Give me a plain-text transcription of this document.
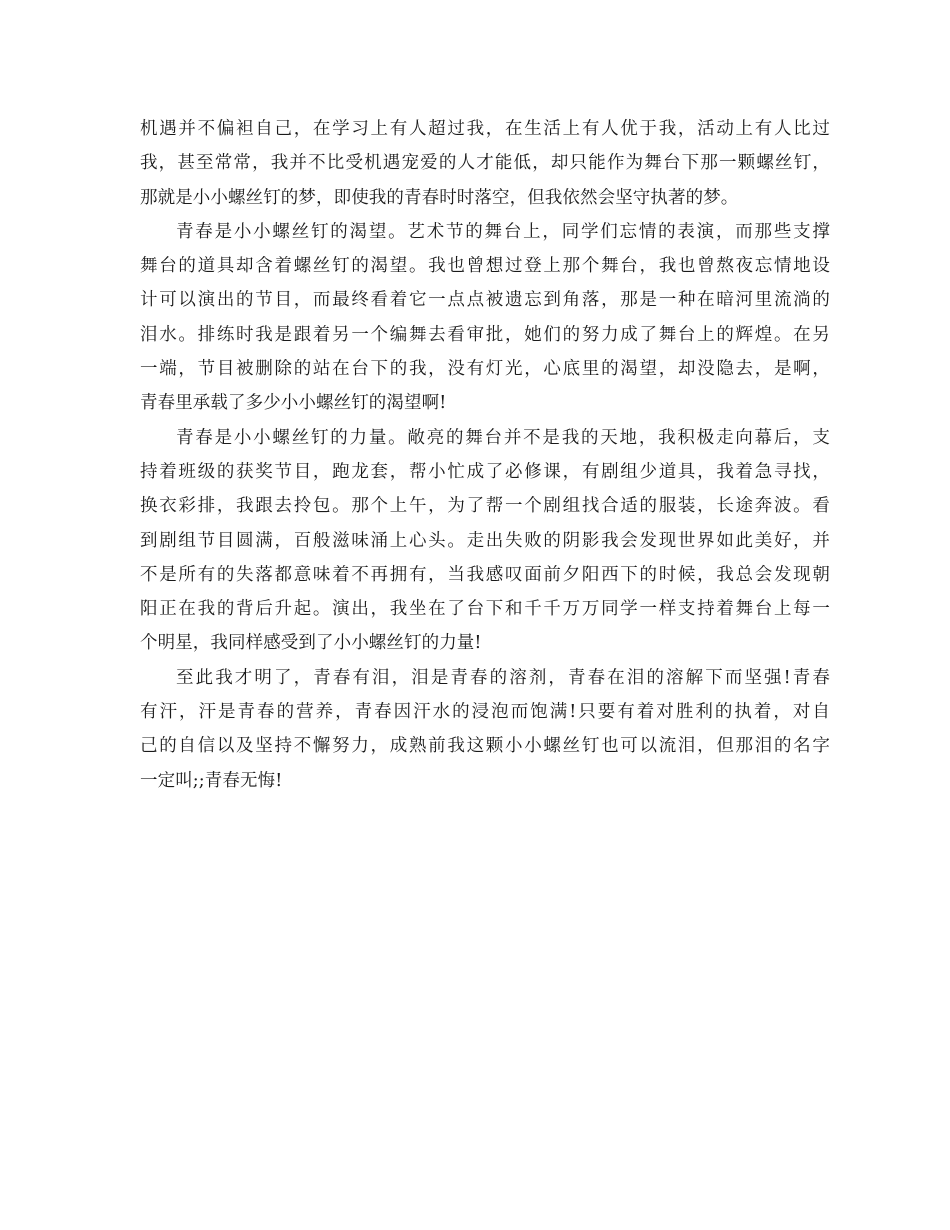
机遇并不偏袒自己，在学习上有人超过我，在生活上有人优于我，活动上有人比过
我，甚至常常，我并不比受机遇宠爱的人才能低，却只能作为舞台下那一颗螺丝钉，
那就是小小螺丝钉的梦，即使我的青春时时落空，但我依然会坚守执著的梦。
青春是小小螺丝钉的渴望。艺术节的舞台上，同学们忘情的表演，而那些支撑
舞台的道具却含着螺丝钉的渴望。我也曾想过登上那个舞台，我也曾熬夜忘情地设
计可以演出的节目，而最终看着它一点点被遗忘到角落，那是一种在暗河里流淌的
泪水。排练时我是跟着另一个编舞去看审批，她们的努力成了舞台上的辉煌。在另
一端，节目被删除的站在台下的我，没有灯光，心底里的渴望，却没隐去，是啊，
青春里承载了多少小小螺丝钉的渴望啊!
青春是小小螺丝钉的力量。敞亮的舞台并不是我的天地，我积极走向幕后，支
持着班级的获奖节目，跑龙套，帮小忙成了必修课，有剧组少道具，我着急寻找，
换衣彩排，我跟去拎包。那个上午，为了帮一个剧组找合适的服装，长途奔波。看
到剧组节目圆满，百般滋味涌上心头。走出失败的阴影我会发现世界如此美好，并
不是所有的失落都意味着不再拥有，当我感叹面前夕阳西下的时候，我总会发现朝
阳正在我的背后升起。演出，我坐在了台下和千千万万同学一样支持着舞台上每一
个明星，我同样感受到了小小螺丝钉的力量!
至此我才明了，青春有泪，泪是青春的溶剂，青春在泪的溶解下而坚强!青春
有汗，汗是青春的营养，青春因汗水的浸泡而饱满!只要有着对胜利的执着，对自
己的自信以及坚持不懈努力，成熟前我这颗小小螺丝钉也可以流泪，但那泪的名字
一定叫;;青春无悔!
